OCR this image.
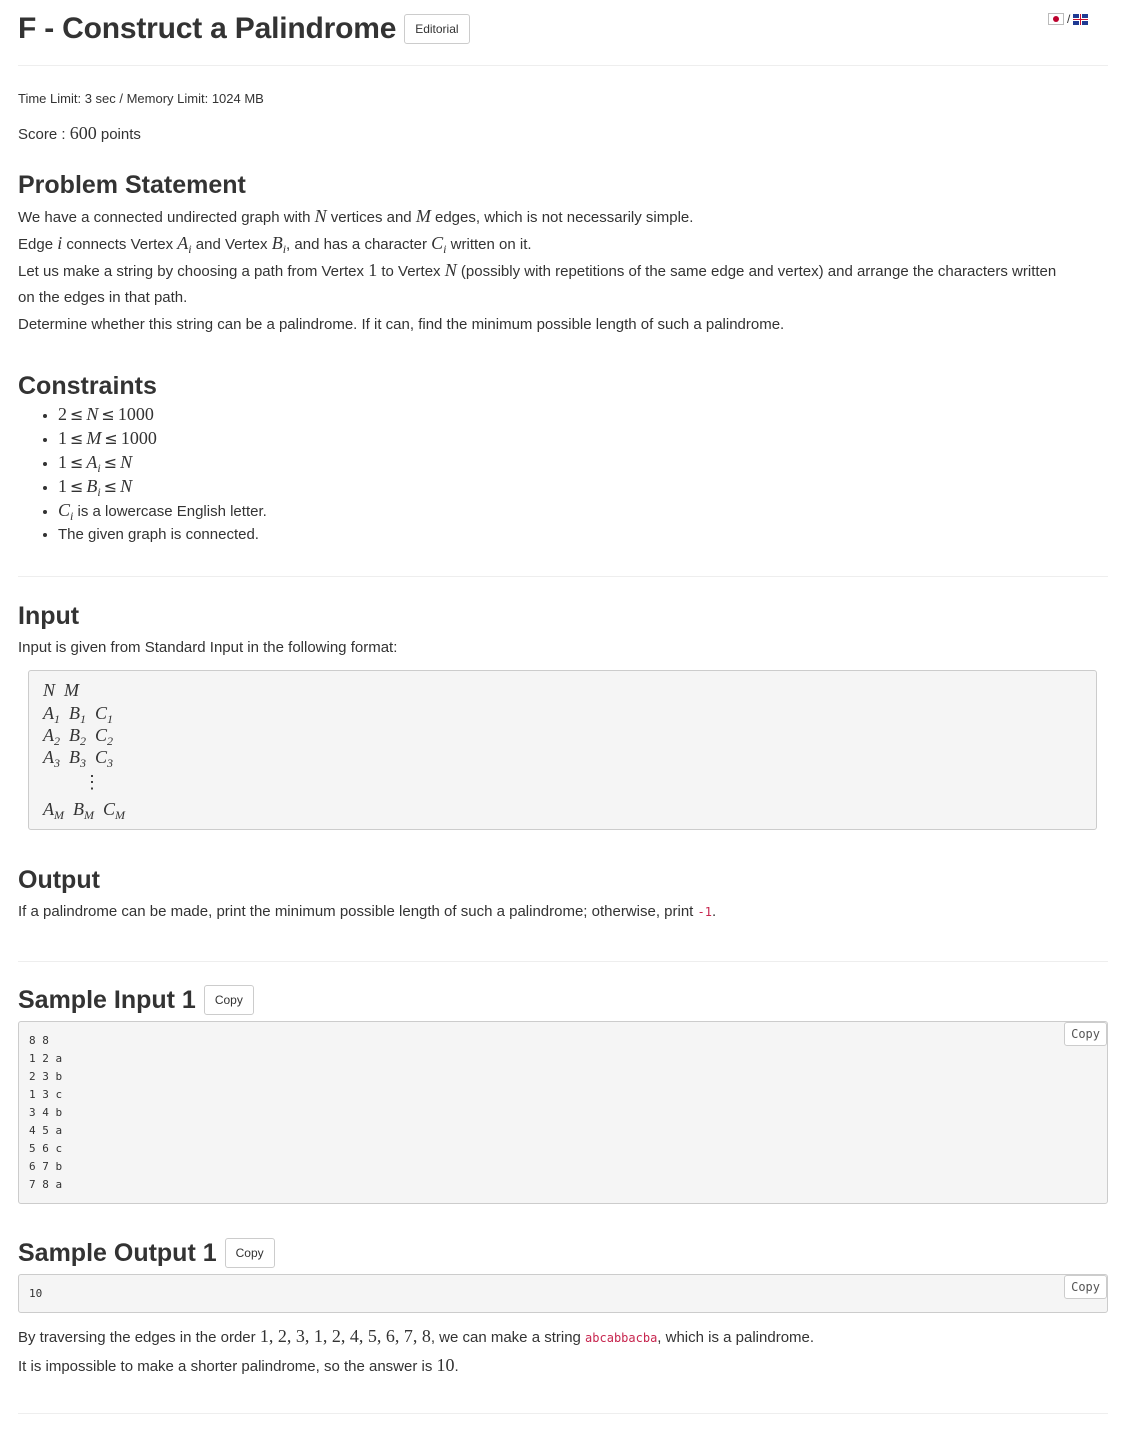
F - Construct a Palindrome	Editorial
Time Limit: 3 sec / Memory Limit: 1024 MB
Score : 600 points
Problem Statement
We have a connected undirected graph with N vertices and M edges, which is not necessarily simple.
Edge i connects Vertex $A_i$ and Vertex $B_i$, and has a character $C_i$ written on it.
Let us make a string by choosing a path from Vertex 1 to Vertex N (possibly with repetitions of the same edge and vertex) and arrange the characters written
on the edges in that path.
Determine whether this string can be a palindrome. If it can, find the minimum possible length of such a palindrome.
Constraints
• 2 ≤ N ≤ 1000
• 1 ≤ M ≤ 1000
• $1 \le A_i \le N$
• $1 \le B_i \le N$
• $C_i$ is a lowercase English letter.
• The given graph is connected.
Input
Input is given from Standard Input in the following format:
N  M
$A_1$  $B_1$  $C_1$
$A_2$  $B_2$  $C_2$
$A_3$  $B_3$  $C_3$
⋮
$A_M$  $B_M$  $C_M$
Output
If a palindrome can be made, print the minimum possible length of such a palindrome; otherwise, print -1.
Sample Input 1	Copy
Copy
8 8
1 2 a
2 3 b
1 3 c
3 4 b
4 5 a
5 6 c
6 7 b
7 8 a
Sample Output 1	Copy
Copy
10
By traversing the edges in the order 1, 2, 3, 1, 2, 4, 5, 6, 7, 8, we can make a string abcabbacba, which is a palindrome.
It is impossible to make a shorter palindrome, so the answer is 10.
/
